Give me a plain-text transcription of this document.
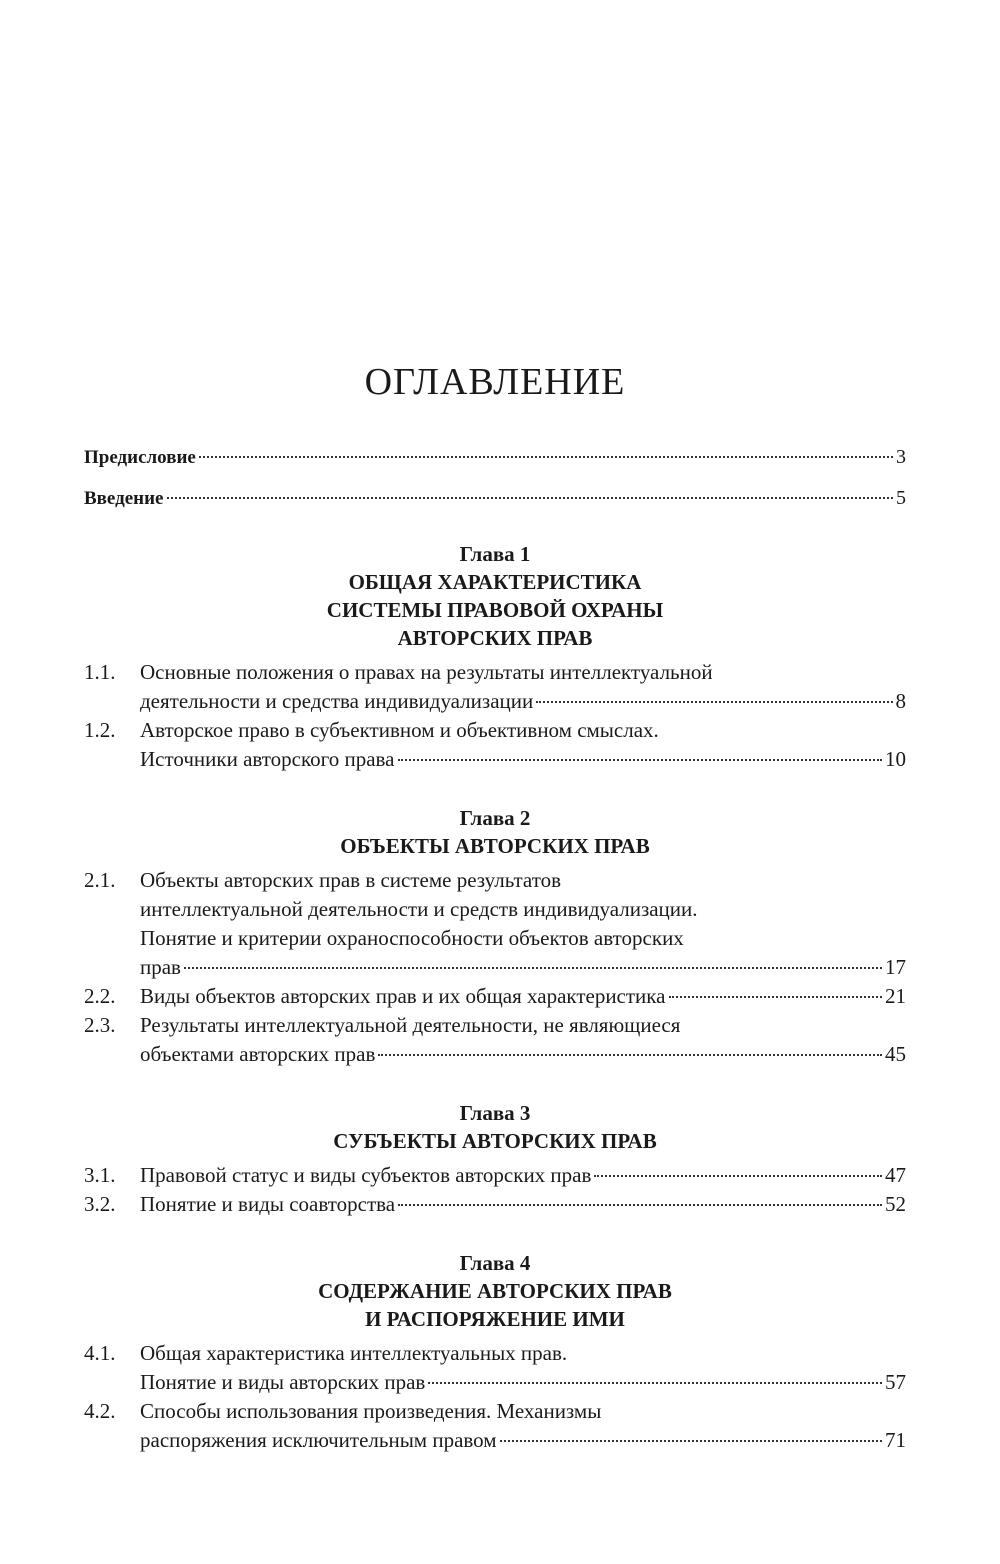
ОГЛАВЛЕНИЕ
Предисловие	3
Введение	5
Глава 1
ОБЩАЯ ХАРАКТЕРИСТИКА
СИСТЕМЫ ПРАВОВОЙ ОХРАНЫ
АВТОРСКИХ ПРАВ
1.1.	Основные положения о правах на результаты интеллектуальной
деятельности и средства индивидуализации	8
1.2.	Авторское право в субъективном и объективном смыслах.
Источники авторского права	10
Глава 2
ОБЪЕКТЫ АВТОРСКИХ ПРАВ
2.1.	Объекты авторских прав в системе результатов
интеллектуальной деятельности и средств индивидуализации.
Понятие и критерии охраноспособности объектов авторских
прав	17
2.2.	Виды объектов авторских прав и их общая характеристика	21
2.3.	Результаты интеллектуальной деятельности, не являющиеся
объектами авторских прав	45
Глава 3
СУБЪЕКТЫ АВТОРСКИХ ПРАВ
3.1.	Правовой статус и виды субъектов авторских прав	47
3.2.	Понятие и виды соавторства	52
Глава 4
СОДЕРЖАНИЕ АВТОРСКИХ ПРАВ
И РАСПОРЯЖЕНИЕ ИМИ
4.1.	Общая характеристика интеллектуальных прав.
Понятие и виды авторских прав	57
4.2.	Способы использования произведения. Механизмы
распоряжения исключительным правом	71
